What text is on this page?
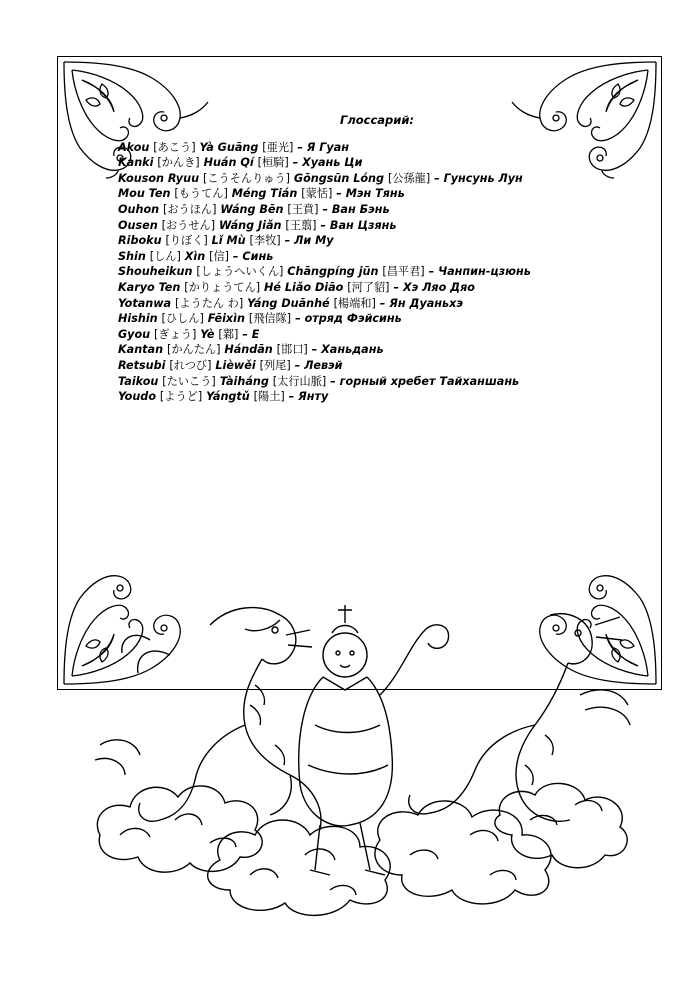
Глоссарий:
Akou [あこう] Yà Guāng [亜光] – Я Гуан
Kanki [かんき] Huán Qí [桓騎] – Хуань Ци
Kouson Ryuu [こうそんりゅう] Gōngsūn Lóng [公孫龍] – Гунсунь Лун
Mou Ten [もうてん] Méng Tián [蒙恬] – Мэн Тянь
Ouhon [おうほん] Wáng Bēn [王賁] – Ван Бэнь
Ousen [おうせん] Wáng Jiǎn [王翦] – Ван Цзянь
Riboku [りぼく] Lǐ Mù [李牧] – Ли Му
Shin [しん] Xìn [信] – Синь
Shouheikun [しょうへいくん] Chāngpíng jūn [昌平君] – Чанпин-цзюнь
Karyo Ten [かりょうてん] Hé Liǎo Diāo [河了貂] – Хэ Ляо Дяо
Yotanwa [ようたん わ] Yáng Duānhé [楊端和] – Ян Дуаньхэ
Hishin [ひしん] Fēixìn [飛信隊] – отряд Фэйсинь
Gyou [ぎょう] Yè [鄴] – Е
Kantan [かんたん] Hándān [邯口] – Ханьдань
Retsubi [れつび] Lièwěi [列尾] – Левэй
Taikou [たいこう] Tàiháng [太行山脈] – горный хребет Тайханшань
Youdo [ようど] Yángtǔ [陽土] – Янту
